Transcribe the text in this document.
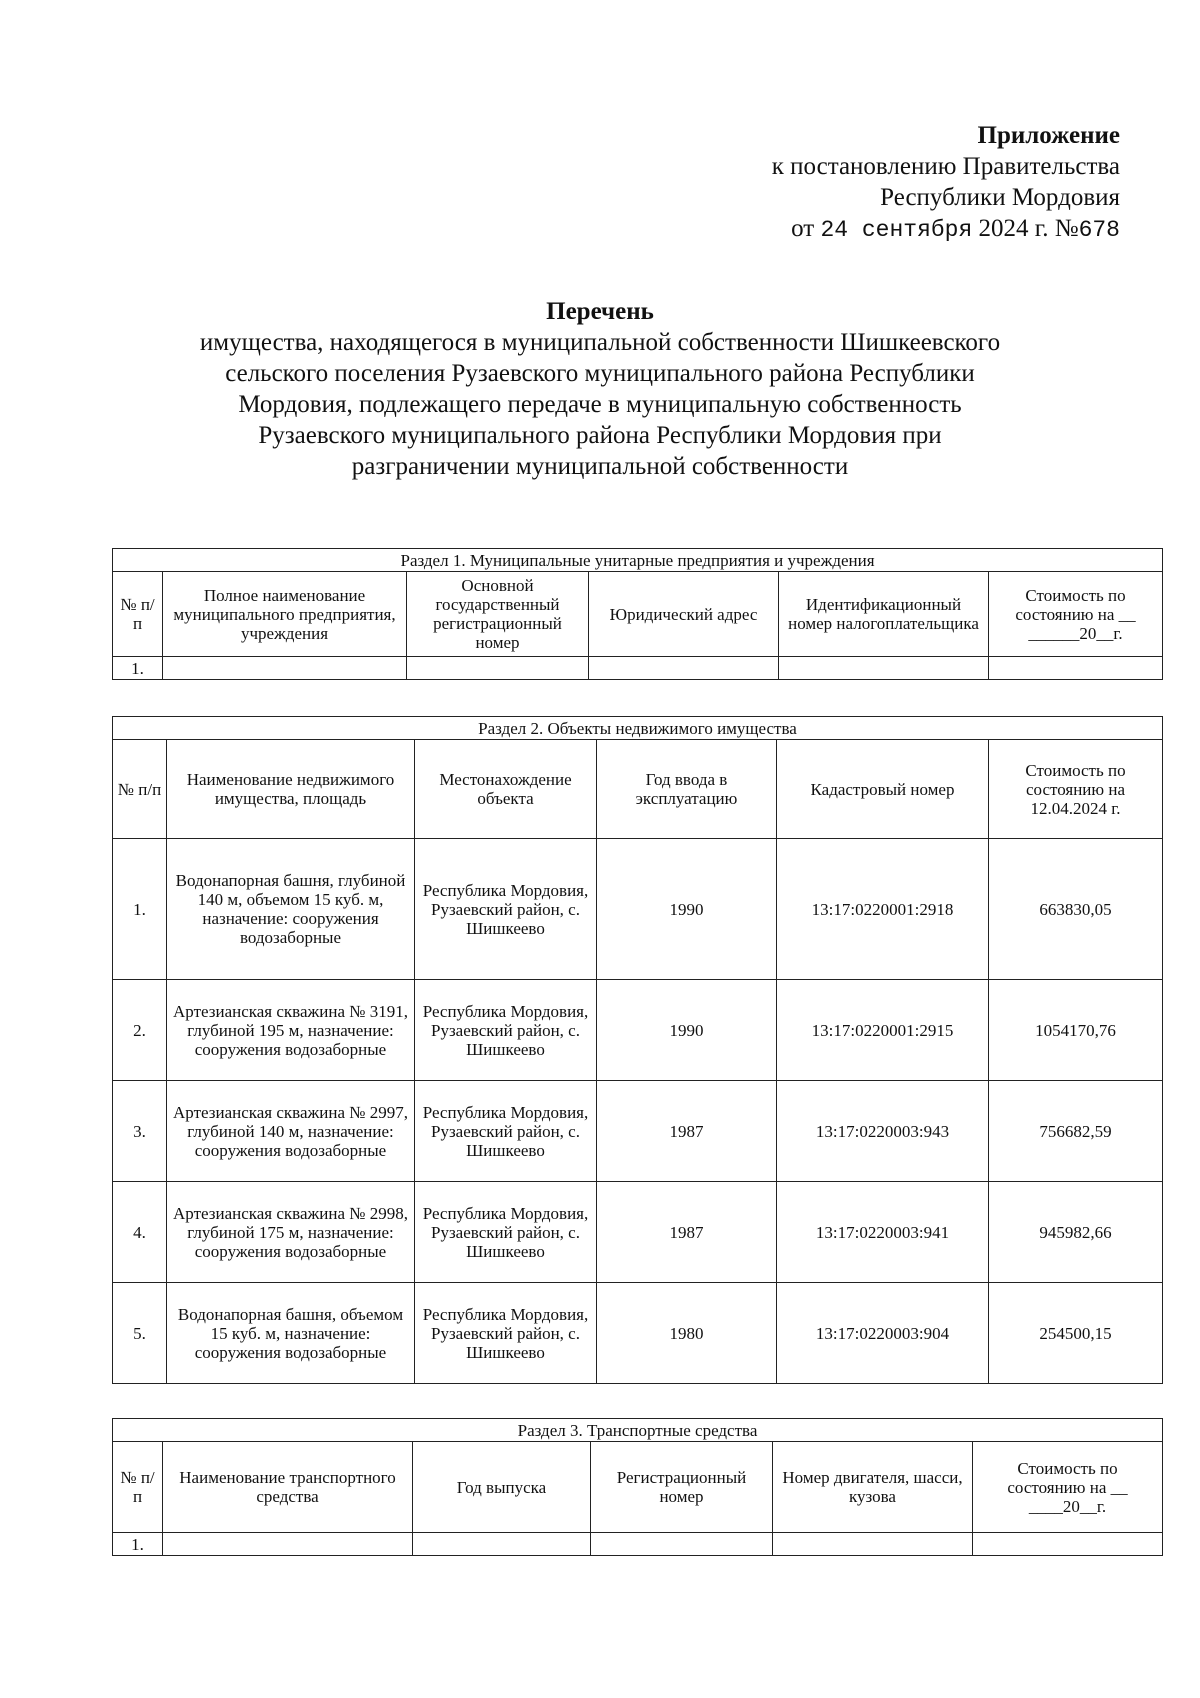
Приложение
к постановлению Правительства
Республики Мордовия
от 24 сентября 2024 г. №678
Перечень
имущества, находящегося в муниципальной собственности Шишкеевского
сельского поселения Рузаевского муниципального района Республики
Мордовия, подлежащего передаче в муниципальную собственность
Рузаевского муниципального района Республики Мордовия при
разграничении муниципальной собственности
Раздел 1. Муниципальные унитарные предприятия и учреждения					
№ п/п	Полное наименование муниципального предприятия, учреждения	Основной государственный регистрационный номер	Юридический адрес	Идентификационный номер налогоплательщика	Стоимость по состоянию на __ ______20__г.
1.					
Раздел 2. Объекты недвижимого имущества					
№ п/п	Наименование недвижимого имущества, площадь	Местонахождение объекта	Год ввода в эксплуатацию	Кадастровый номер	Стоимость по состоянию на 12.04.2024 г.
1.	Водонапорная башня, глубиной 140 м, объемом 15 куб. м, назначение: сооружения водозаборные	Республика Мордовия, Рузаевский район, с. Шишкеево	1990	13:17:0220001:2918	663830,05
2.	Артезианская скважина № 3191, глубиной 195 м, назначение: сооружения водозаборные	Республика Мордовия, Рузаевский район, с. Шишкеево	1990	13:17:0220001:2915	1054170,76
3.	Артезианская скважина № 2997, глубиной 140 м, назначение: сооружения водозаборные	Республика Мордовия, Рузаевский район, с. Шишкеево	1987	13:17:0220003:943	756682,59
4.	Артезианская скважина № 2998, глубиной 175 м, назначение: сооружения водозаборные	Республика Мордовия, Рузаевский район, с. Шишкеево	1987	13:17:0220003:941	945982,66
5.	Водонапорная башня, объемом 15 куб. м, назначение: сооружения водозаборные	Республика Мордовия, Рузаевский район, с. Шишкеево	1980	13:17:0220003:904	254500,15
Раздел 3. Транспортные средства					
№ п/п	Наименование транспортного средства	Год выпуска	Регистрационный номер	Номер двигателя, шасси, кузова	Стоимость по состоянию на __ ____20__г.
1.					
